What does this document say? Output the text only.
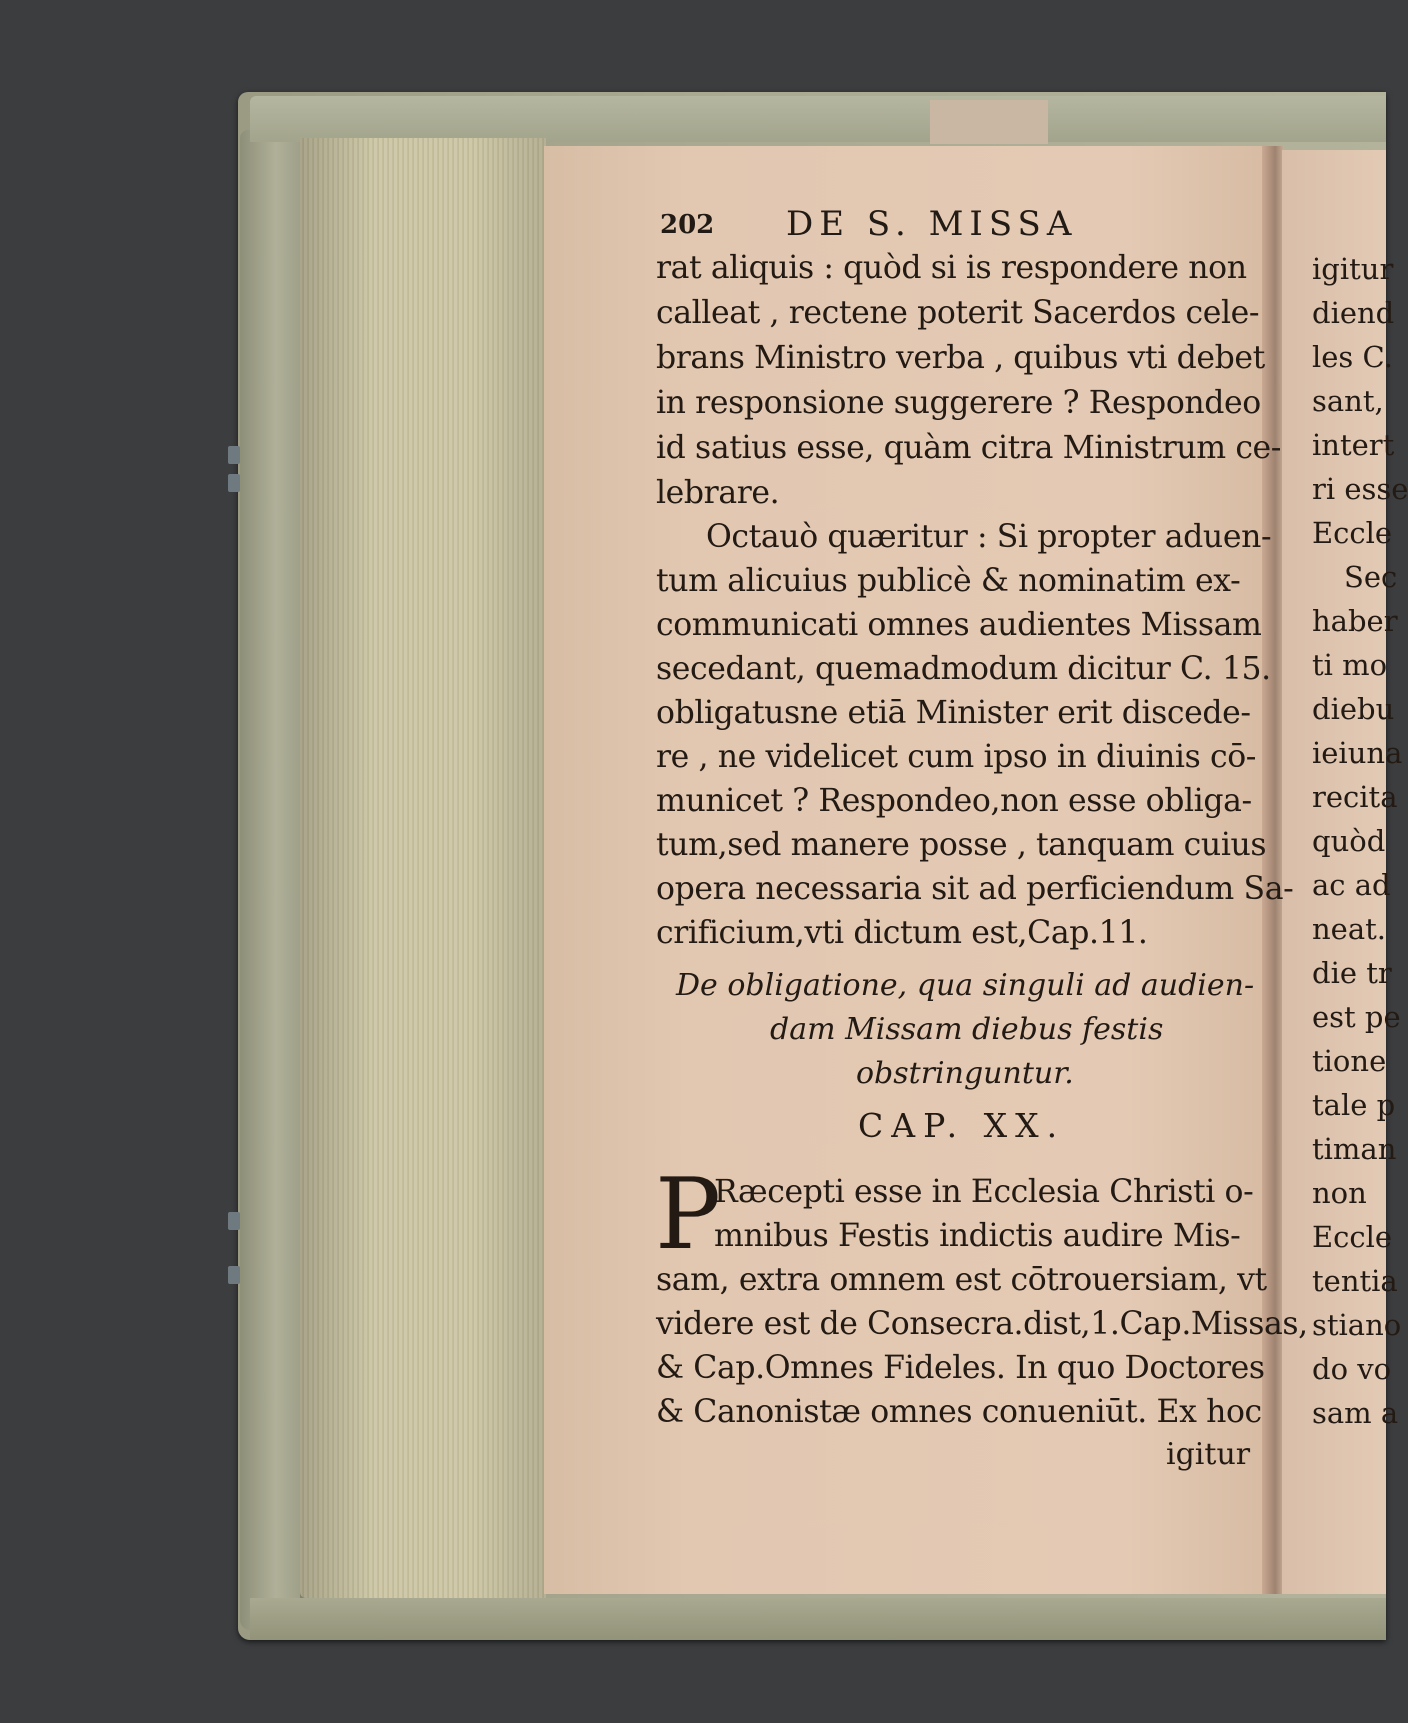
202 DE S. MISSA
rat aliquis : quòd si is respondere non
calleat , rectene poterit Sacerdos cele-
brans Ministro verba , quibus vti debet
in responsione suggerere ? Respondeo
id satius esse, quàm citra Ministrum ce-
lebrare.
Octauò quæritur : Si propter aduen-
tum alicuius publicè & nominatim ex-
communicati omnes audientes Missam
secedant, quemadmodum dicitur C. 15.
obligatusne etiā Minister erit discede-
re , ne videlicet cum ipso in diuinis cō-
municet ? Respondeo,non esse obliga-
tum,sed manere posse , tanquam cuius
opera necessaria sit ad perficiendum Sa-
crificium,vti dictum est,Cap.11.
De obligatione, qua singuli ad audien-
dam Missam diebus festis
obstringuntur.
CAP. XX.
P
Ræcepti esse in Ecclesia Christi o-
mnibus Festis indictis audire Mis-
sam, extra omnem est cōtrouersiam, vt
videre est de Consecra.dist,1.Cap.Missas,
& Cap.Omnes Fideles. In quo Doctores
& Canonistæ omnes conueniūt. Ex hoc
igitur
igitur
diend
les C.
sant,
intert
ri esse
Eccle
Sec
haber
ti mo
diebu
ieiuna
recita
quòd
ac ad
neat.
die tr
est pe
tione
tale p
timan
non
Eccle
tentia
stiano
do vo
sam a
